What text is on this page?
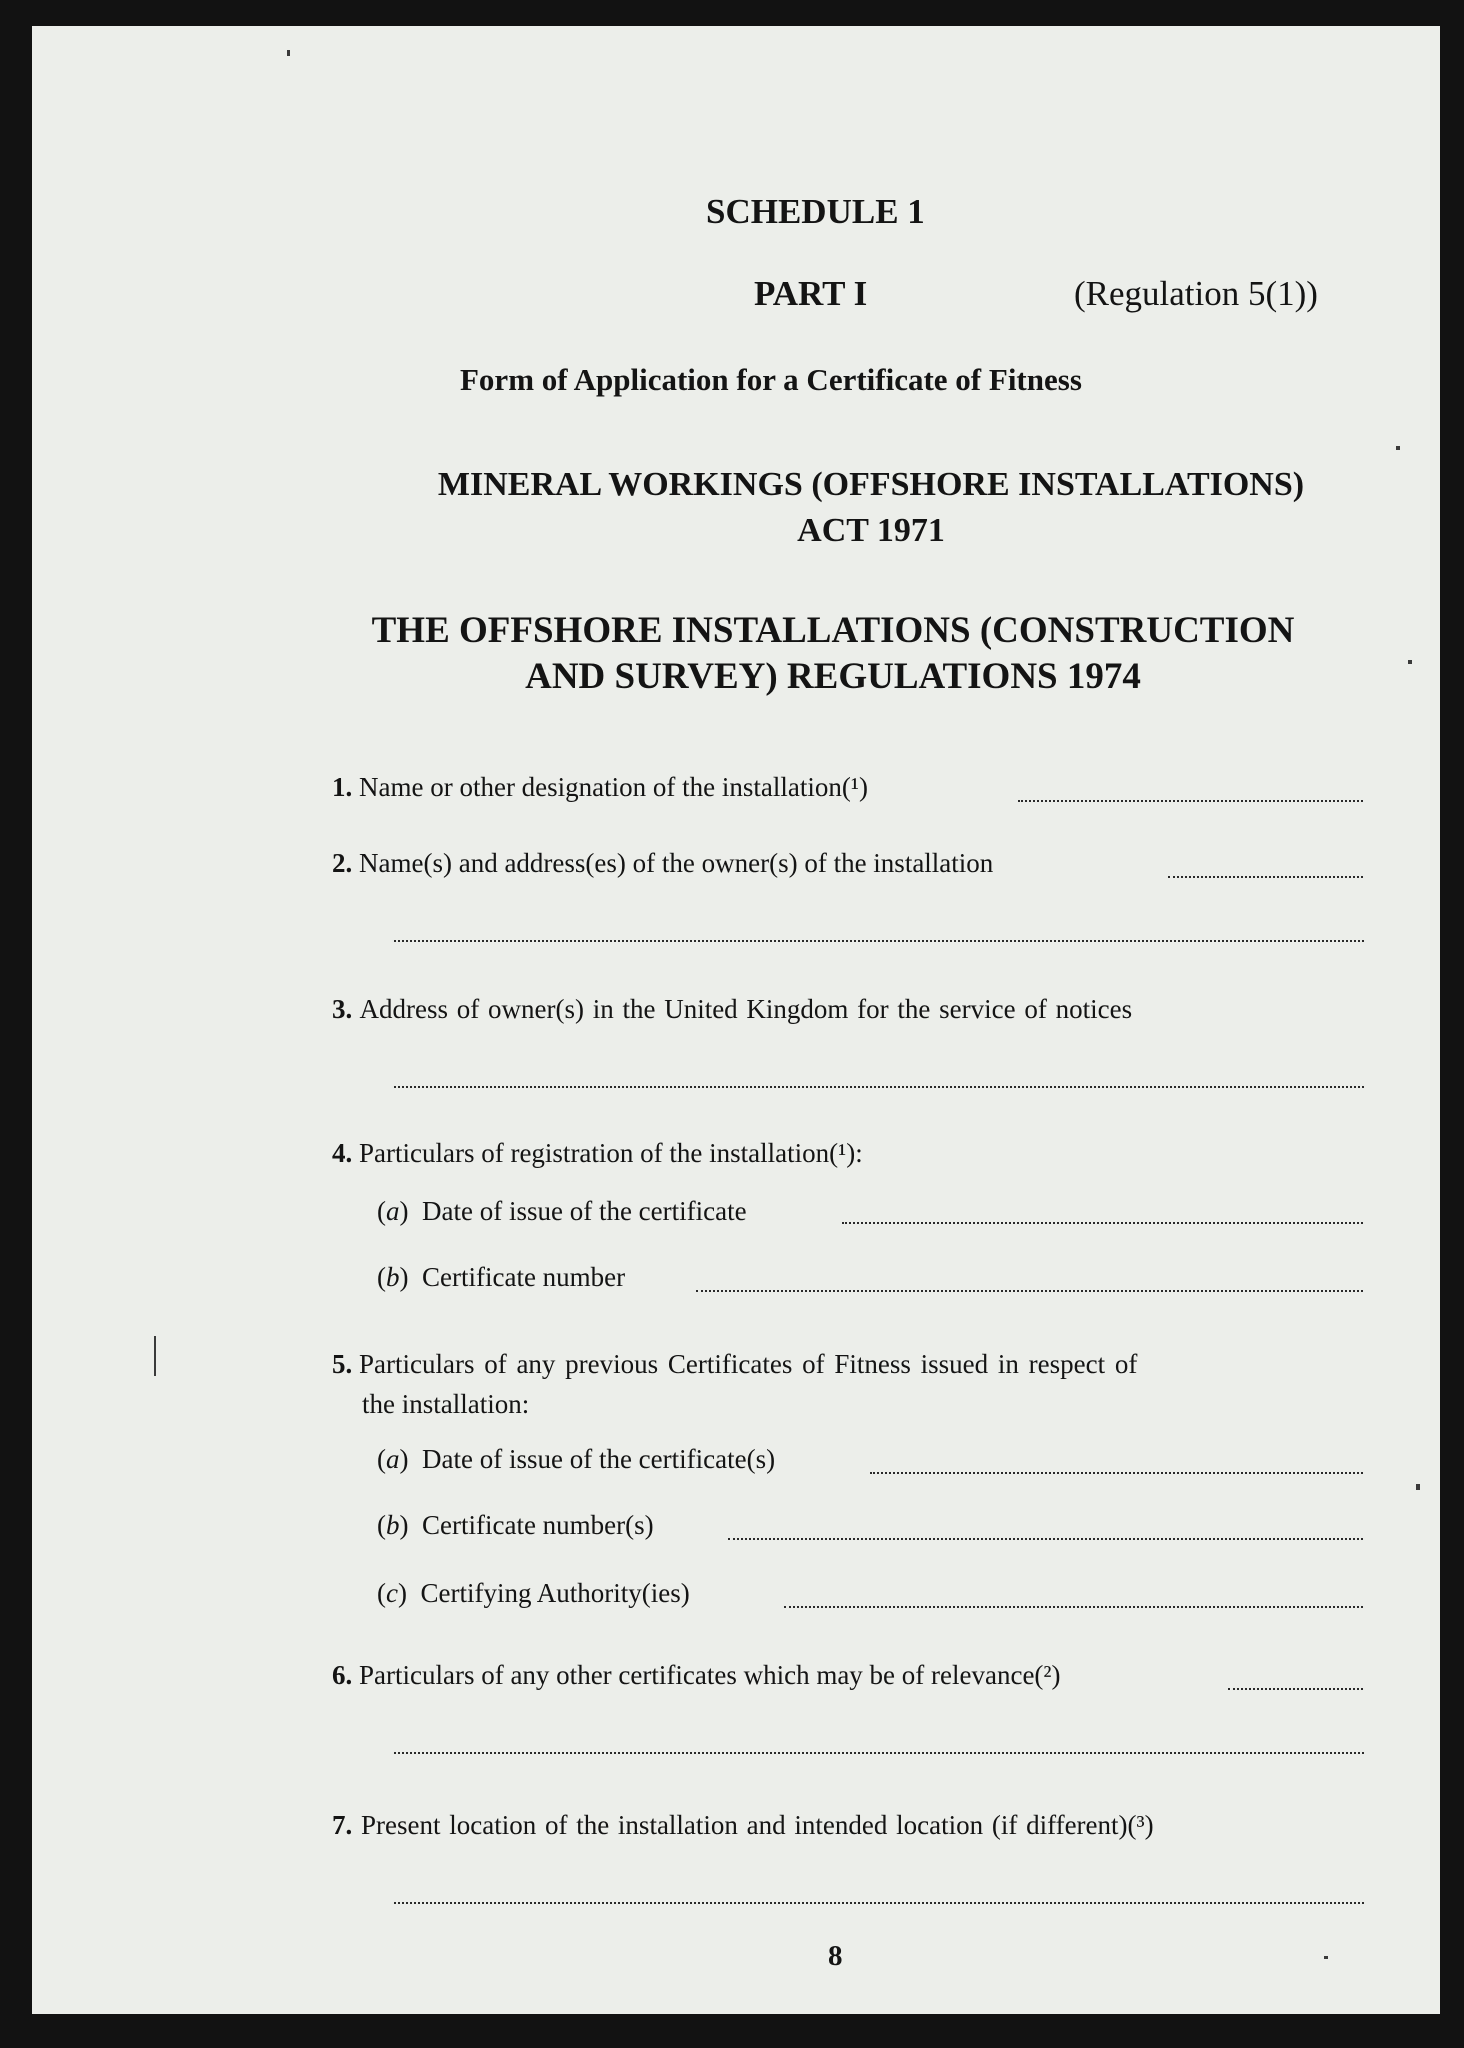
SCHEDULE 1
PART I	(Regulation 5(1))
Form of Application for a Certificate of Fitness
MINERAL WORKINGS (OFFSHORE INSTALLATIONS)
ACT 1971
THE OFFSHORE INSTALLATIONS (CONSTRUCTION
AND SURVEY) REGULATIONS 1974
1. Name or other designation of the installation(¹)
2. Name(s) and address(es) of the owner(s) of the installation
3. Address of owner(s) in the United Kingdom for the service of notices
4. Particulars of registration of the installation(¹):
(a) Date of issue of the certificate
(b) Certificate number
5. Particulars of any previous Certificates of Fitness issued in respect of
the installation:
(a) Date of issue of the certificate(s)
(b) Certificate number(s)
(c) Certifying Authority(ies)
6. Particulars of any other certificates which may be of relevance(²)
7. Present location of the installation and intended location (if different)(³)
8
